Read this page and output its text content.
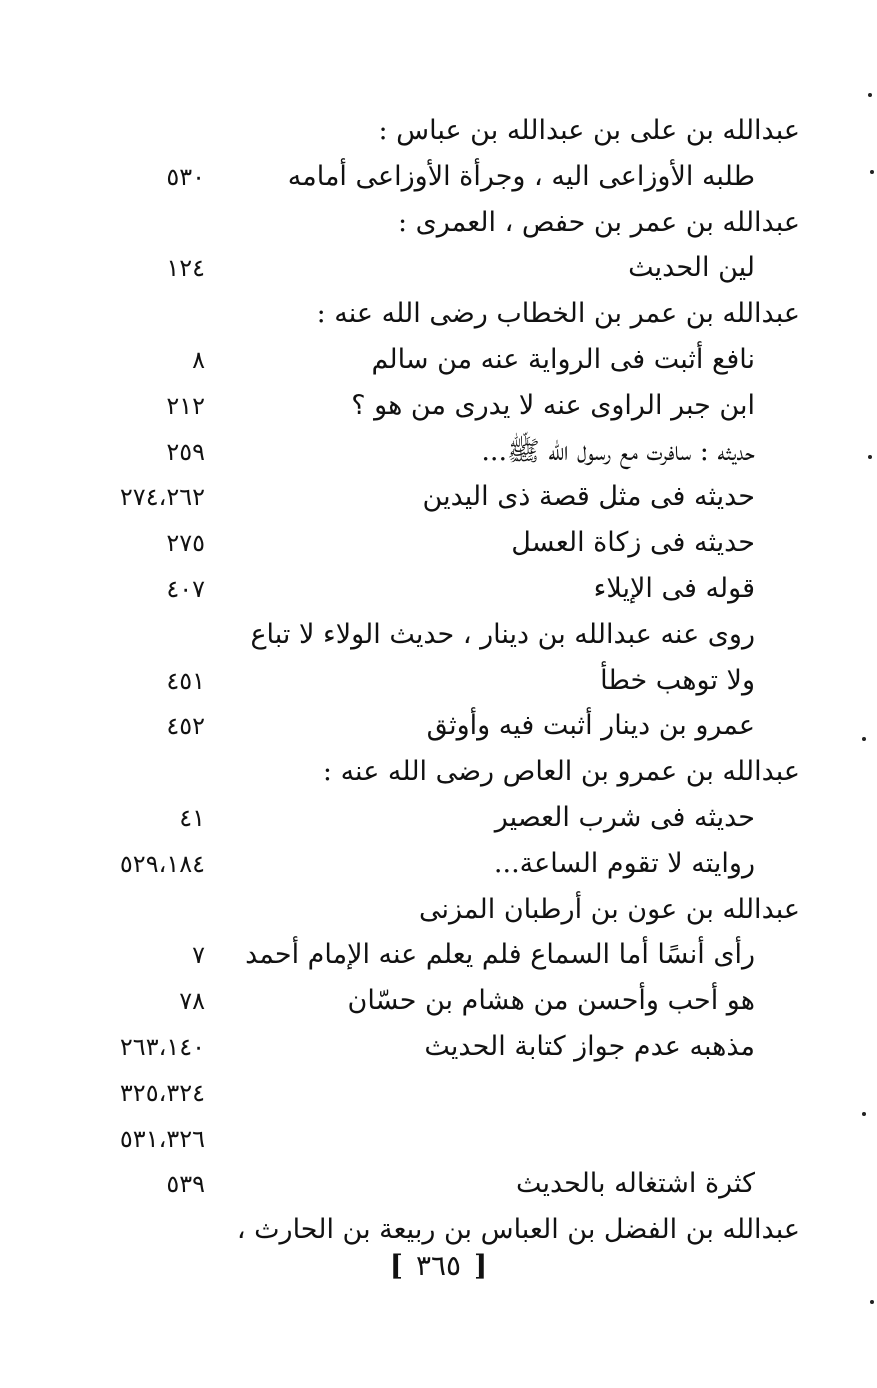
عبدالله بن على بن عبدالله بن عباس :
طلبه الأوزاعى اليه ، وجرأة الأوزاعى أمامه
٥٣٠
عبدالله بن عمر بن حفص ، العمرى :
لين الحديث
١٢٤
عبدالله بن عمر بن الخطاب رضى الله عنه :
نافع أثبت فى الرواية عنه من سالم
٨
ابن جبر الراوى عنه لا يدرى من هو ؟
٢١٢
حديثه : سافرت مع رسول الله ﷺ...
٢٥٩
حديثه فى مثل قصة ذى اليدين
٢٧٤،٢٦٢
حديثه فى زكاة العسل
٢٧٥
قوله فى الإيلاء
٤٠٧
روى عنه عبدالله بن دينار ، حديث الولاء لا تباع
ولا توهب خطأ
٤٥١
عمرو بن دينار أثبت فيه وأوثق
٤٥٢
عبدالله بن عمرو بن العاص رضى الله عنه :
حديثه فى شرب العصير
٤١
روايته لا تقوم الساعة...
٥٢٩،١٨٤
عبدالله بن عون بن أرطبان المزنى
رأى أنسًا أما السماع فلم يعلم عنه الإمام أحمد
٧
هو أحب وأحسن من هشام بن حسّان
٧٨
مذهبه عدم جواز كتابة الحديث
٢٦٣،١٤٠
٣٢٥،٣٢٤
٥٣١،٣٢٦
كثرة اشتغاله بالحديث
٥٣٩
عبدالله بن الفضل بن العباس بن ربيعة بن الحارث ،
[ ٣٦٥ ]
